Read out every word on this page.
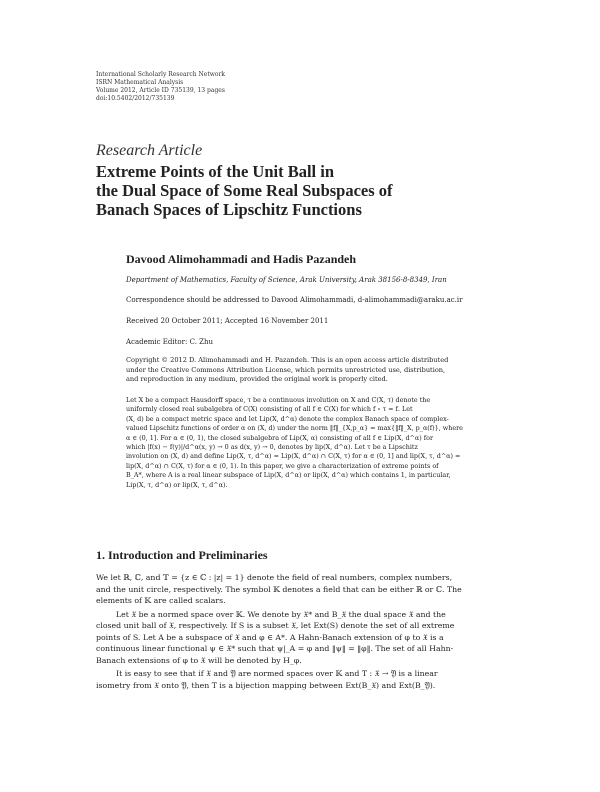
International Scholarly Research Network
ISRN Mathematical Analysis
Volume 2012, Article ID 735139, 13 pages
doi:10.5402/2012/735139
Research Article
Extreme Points of the Unit Ball in
the Dual Space of Some Real Subspaces of
Banach Spaces of Lipschitz Functions
Davood Alimohammadi and Hadis Pazandeh
Department of Mathematics, Faculty of Science, Arak University, Arak 38156-8-8349, Iran
Correspondence should be addressed to Davood Alimohammadi, d-alimohammadi@araku.ac.ir
Received 20 October 2011; Accepted 16 November 2011
Academic Editor: C. Zhu
Copyright © 2012 D. Alimohammadi and H. Pazandeh. This is an open access article distributed
under the Creative Commons Attribution License, which permits unrestricted use, distribution,
and reproduction in any medium, provided the original work is properly cited.
Let X be a compact Hausdorff space, τ be a continuous involution on X and C(X, τ) denote the
uniformly closed real subalgebra of C(X) consisting of all f ∈ C(X) for which f ∘ τ = f̄. Let
(X, d) be a compact metric space and let Lip(X, d^α) denote the complex Banach space of complex-
valued Lipschitz functions of order α on (X, d) under the norm ‖f‖_{X,p_α} = max{‖f‖_X, p_α(f)}, where
α ∈ (0, 1]. For α ∈ (0, 1), the closed subalgebra of Lip(X, α) consisting of all f ∈ Lip(X, d^α) for
which |f(x) − f(y)|/d^α(x, y) → 0 as d(x, y) → 0, denotes by lip(X, d^α). Let τ be a Lipschitz
involution on (X, d) and define Lip(X, τ, d^α) = Lip(X, d^α) ∩ C(X, τ) for α ∈ (0, 1] and lip(X, τ, d^α) =
lip(X, d^α) ∩ C(X, τ) for α ∈ (0, 1). In this paper, we give a characterization of extreme points of
B_A*, where A is a real linear subspace of Lip(X, d^α) or lip(X, d^α) which contains 1, in particular,
Lip(X, τ, d^α) or lip(X, τ, d^α).
1. Introduction and Preliminaries
We let ℝ, ℂ, and 𝕋 = {z ∈ ℂ : |z| = 1} denote the field of real numbers, complex numbers,
and the unit circle, respectively. The symbol 𝕂 denotes a field that can be either ℝ or ℂ. The
elements of 𝕂 are called scalars.
Let 𝔛 be a normed space over 𝕂. We denote by 𝔛* and B_𝔛 the dual space 𝔛 and the
closed unit ball of 𝔛, respectively. If S is a subset 𝔛, let Ext(S) denote the set of all extreme
points of S. Let A be a subspace of 𝔛 and φ ∈ A*. A Hahn-Banach extension of φ to 𝔛 is a
continuous linear functional ψ ∈ 𝔛* such that ψ|_A = φ and ‖ψ‖ = ‖φ‖. The set of all Hahn-
Banach extensions of φ to 𝔛 will be denoted by H_φ.
It is easy to see that if 𝔛 and 𝔜 are normed spaces over 𝕂 and T : 𝔛 → 𝔜 is a linear
isometry from 𝔛 onto 𝔜, then T is a bijection mapping between Ext(B_𝔛) and Ext(B_𝔜).
